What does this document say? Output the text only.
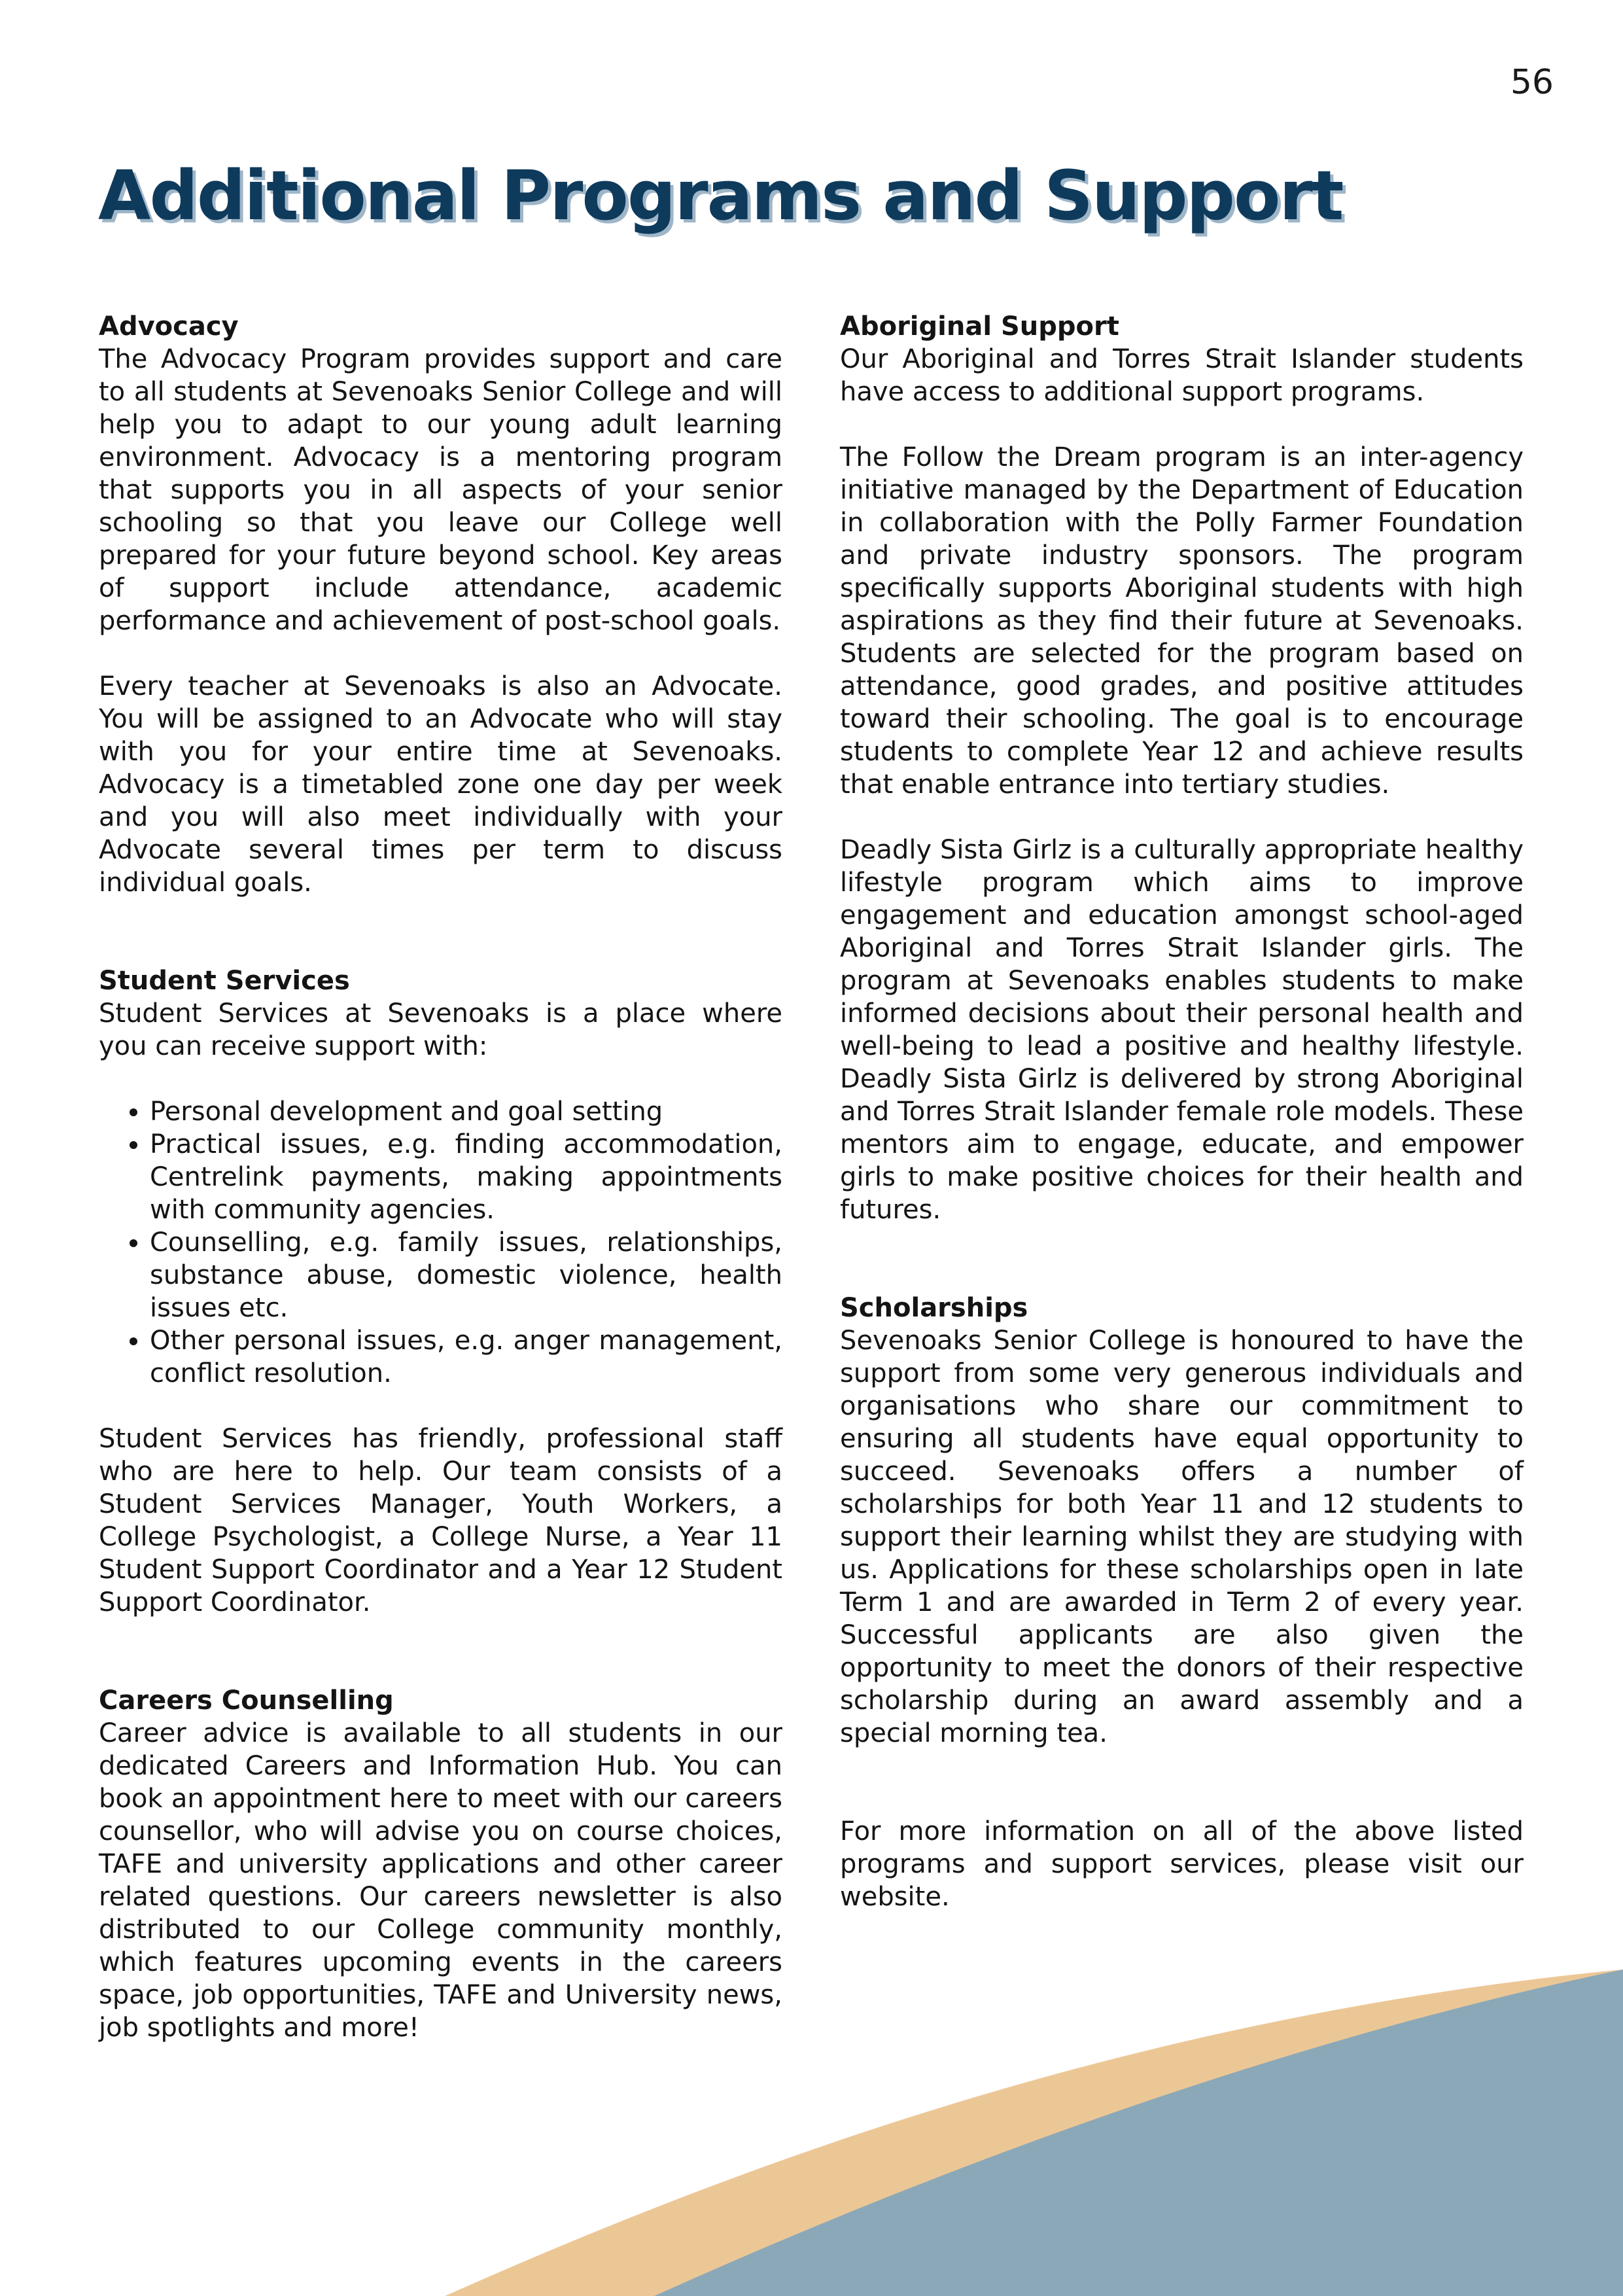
56
Additional Programs and Support
Advocacy

The Advocacy Program provides support and care to all students at Sevenoaks Senior College and will help you to adapt to our young adult learning environment. Advocacy is a mentoring program that supports you in all aspects of your senior schooling so that you leave our College well prepared for your future beyond school. Key areas of support include attendance, academic performance and achievement of post-school goals.

Every teacher at Sevenoaks is also an Advocate. You will be assigned to an Advocate who will stay with you for your entire time at Sevenoaks. Advocacy is a timetabled zone one day per week and you will also meet individually with your Advocate several times per term to discuss individual goals.

Student Services

Student Services at Sevenoaks is a place where you can receive support with:

• Personal development and goal setting
• Practical issues, e.g. finding accommodation, Centrelink payments, making appointments with community agencies.
• Counselling, e.g. family issues, relationships, substance abuse, domestic violence, health issues etc.
• Other personal issues, e.g. anger management, conflict resolution.

Student Services has friendly, professional staff who are here to help. Our team consists of a Student Services Manager, Youth Workers, a College Psychologist, a College Nurse, a Year 11 Student Support Coordinator and a Year 12 Student Support Coordinator.

Careers Counselling

Career advice is available to all students in our dedicated Careers and Information Hub. You can book an appointment here to meet with our careers counsellor, who will advise you on course choices, TAFE and university applications and other career related questions. Our careers newsletter is also distributed to our College community monthly, which features upcoming events in the careers space, job opportunities, TAFE and University news, job spotlights and more!

Aboriginal Support

Our Aboriginal and Torres Strait Islander students have access to additional support programs.

The Follow the Dream program is an inter-agency initiative managed by the Department of Education in collaboration with the Polly Farmer Foundation and private industry sponsors. The program specifically supports Aboriginal students with high aspirations as they find their future at Sevenoaks. Students are selected for the program based on attendance, good grades, and positive attitudes toward their schooling. The goal is to encourage students to complete Year 12 and achieve results that enable entrance into tertiary studies.

Deadly Sista Girlz is a culturally appropriate healthy lifestyle program which aims to improve engagement and education amongst school-aged Aboriginal and Torres Strait Islander girls. The program at Sevenoaks enables students to make informed decisions about their personal health and well-being to lead a positive and healthy lifestyle. Deadly Sista Girlz is delivered by strong Aboriginal and Torres Strait Islander female role models. These mentors aim to engage, educate, and empower girls to make positive choices for their health and futures.

Scholarships

Sevenoaks Senior College is honoured to have the support from some very generous individuals and organisations who share our commitment to ensuring all students have equal opportunity to succeed. Sevenoaks offers a number of scholarships for both Year 11 and 12 students to support their learning whilst they are studying with us. Applications for these scholarships open in late Term 1 and are awarded in Term 2 of every year. Successful applicants are also given the opportunity to meet the donors of their respective scholarship during an award assembly and a special morning tea.

For more information on all of the above listed programs and support services, please visit our website.
